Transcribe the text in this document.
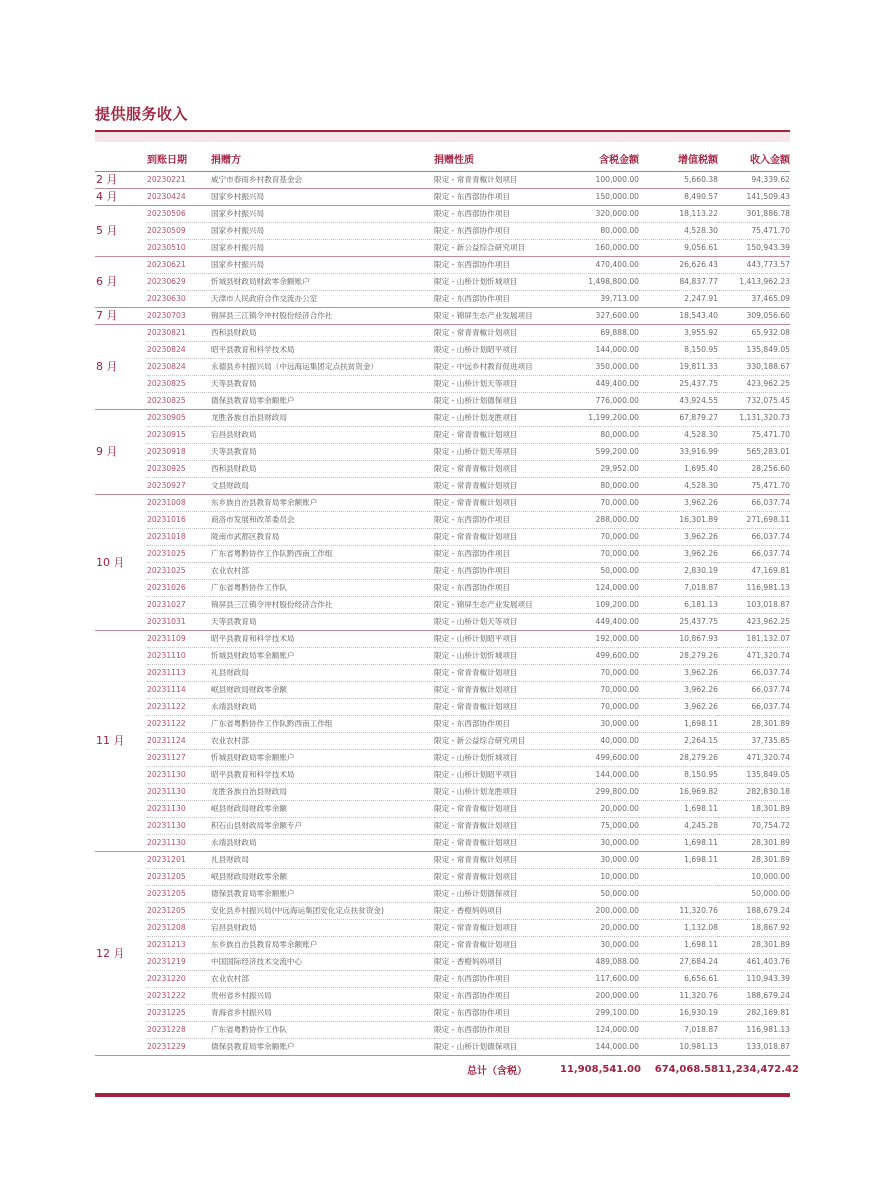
提供服务收入
	到账日期	捐赠方	捐赠性质	含税金额	增值税额	收入金额
2 月	20230221	咸宁市春雨乡村教育基金会	限定 - 常青青椒计划项目	100,000.00	5,660.38	94,339.62
4 月	20230424	国家乡村振兴局	限定 - 东西部协作项目	150,000.00	8,490.57	141,509.43
5 月	20230506	国家乡村振兴局	限定 - 东西部协作项目	320,000.00	18,113.22	301,886.78
	20230509	国家乡村振兴局	限定 - 东西部协作项目	80,000.00	4,528.30	75,471.70
	20230510	国家乡村振兴局	限定 - 新公益综合研究项目	160,000.00	9,056.61	150,943.39
6 月	20230621	国家乡村振兴局	限定 - 东西部协作项目	470,400.00	26,626.43	443,773.57
	20230629	忻城县财政局财政零余额账户	限定 - 山桥计划忻城项目	1,498,800.00	84,837.77	1,413,962.23
	20230630	天津市人民政府合作交流办公室	限定 - 东西部协作项目	39,713.00	2,247.91	37,465.09
7 月	20230703	锦屏县三江镇令冲村股份经济合作社	限定 - 锦屏生态产业发展项目	327,600.00	18,543.40	309,056.60
8 月	20230821	西和县财政局	限定 - 常青青椒计划项目	69,888.00	3,955.92	65,932.08
	20230824	昭平县教育和科学技术局	限定 - 山桥计划昭平项目	144,000.00	8,150.95	135,849.05
	20230824	永德县乡村振兴局（中远海运集团定点扶贫资金）	限定 - 中远乡村教育促进项目	350,000.00	19,811.33	330,188.67
	20230825	天等县教育局	限定 - 山桥计划天等项目	449,400.00	25,437.75	423,962.25
	20230825	德保县教育局零余额账户	限定 - 山桥计划德保项目	776,000.00	43,924.55	732,075.45
9 月	20230905	龙胜各族自治县财政局	限定 - 山桥计划龙胜项目	1,199,200.00	67,879.27	1,131,320.73
	20230915	宕昌县财政局	限定 - 常青青椒计划项目	80,000.00	4,528.30	75,471.70
	20230918	天等县教育局	限定 - 山桥计划天等项目	599,200.00	33,916.99	565,283.01
	20230925	西和县财政局	限定 - 常青青椒计划项目	29,952.00	1,695.40	28,256.60
	20230927	文县财政局	限定 - 常青青椒计划项目	80,000.00	4,528.30	75,471.70
10 月	20231008	东乡族自治县教育局零余额账户	限定 - 常青青椒计划项目	70,000.00	3,962.26	66,037.74
	20231016	商洛市发展和改革委员会	限定 - 东西部协作项目	288,000.00	16,301.89	271,698.11
	20231018	陇南市武都区教育局	限定 - 常青青椒计划项目	70,000.00	3,962.26	66,037.74
	20231025	广东省粤黔协作工作队黔西南工作组	限定 - 东西部协作项目	70,000.00	3,962.26	66,037.74
	20231025	农业农村部	限定 - 东西部协作项目	50,000.00	2,830.19	47,169.81
	20231026	广东省粤黔协作工作队	限定 - 东西部协作项目	124,000.00	7,018.87	116,981.13
	20231027	锦屏县三江镇令冲村股份经济合作社	限定 - 锦屏生态产业发展项目	109,200.00	6,181.13	103,018.87
	20231031	天等县教育局	限定 - 山桥计划天等项目	449,400.00	25,437.75	423,962.25
11 月	20231109	昭平县教育和科学技术局	限定 - 山桥计划昭平项目	192,000.00	10,867.93	181,132.07
	20231110	忻城县财政局零余额账户	限定 - 山桥计划忻城项目	499,600.00	28,279.26	471,320.74
	20231113	礼县财政局	限定 - 常青青椒计划项目	70,000.00	3,962.26	66,037.74
	20231114	岷县财政局财政零余额	限定 - 常青青椒计划项目	70,000.00	3,962.26	66,037.74
	20231122	永靖县财政局	限定 - 常青青椒计划项目	70,000.00	3,962.26	66,037.74
	20231122	广东省粤黔协作工作队黔西南工作组	限定 - 东西部协作项目	30,000.00	1,698.11	28,301.89
	20231124	农业农村部	限定 - 新公益综合研究项目	40,000.00	2,264.15	37,735.85
	20231127	忻城县财政局零余额账户	限定 - 山桥计划忻城项目	499,600.00	28,279.26	471,320.74
	20231130	昭平县教育和科学技术局	限定 - 山桥计划昭平项目	144,000.00	8,150.95	135,849.05
	20231130	龙胜各族自治县财政局	限定 - 山桥计划龙胜项目	299,800.00	16,969.82	282,830.18
	20231130	岷县财政局财政零余额	限定 - 常青青椒计划项目	20,000.00	1,698.11	18,301.89
	20231130	积石山县财政局零余额专户	限定 - 常青青椒计划项目	75,000.00	4,245.28	70,754.72
	20231130	永靖县财政局	限定 - 常青青椒计划项目	30,000.00	1,698.11	28,301.89
12 月	20231201	礼县财政局	限定 - 常青青椒计划项目	30,000.00	1,698.11	28,301.89
	20231205	岷县财政局财政零余额	限定 - 常青青椒计划项目	10,000.00		10,000.00
	20231205	德保县教育局零余额账户	限定 - 山桥计划德保项目	50,000.00		50,000.00
	20231205	安化县乡村振兴局(中远海运集团安化定点扶贫资金)	限定 - 香橙妈妈项目	200,000.00	11,320.76	188,679.24
	20231208	宕昌县财政局	限定 - 常青青椒计划项目	20,000.00	1,132.08	18,867.92
	20231213	东乡族自治县教育局零余额账户	限定 - 常青青椒计划项目	30,000.00	1,698.11	28,301.89
	20231219	中国国际经济技术交流中心	限定 - 香橙妈妈项目	489,088.00	27,684.24	461,403.76
	20231220	农业农村部	限定 - 东西部协作项目	117,600.00	6,656.61	110,943.39
	20231222	贵州省乡村振兴局	限定 - 东西部协作项目	200,000.00	11,320.76	188,679.24
	20231225	青海省乡村振兴局	限定 - 东西部协作项目	299,100.00	16,930.19	282,169.81
	20231228	广东省粤黔协作工作队	限定 - 东西部协作项目	124,000.00	7,018.87	116,981.13
	20231229	德保县教育局零余额账户	限定 - 山桥计划德保项目	144,000.00	10,981.13	133,018.87
			总计（含税）	11,908,541.00	674,068.58	11,234,472.42
